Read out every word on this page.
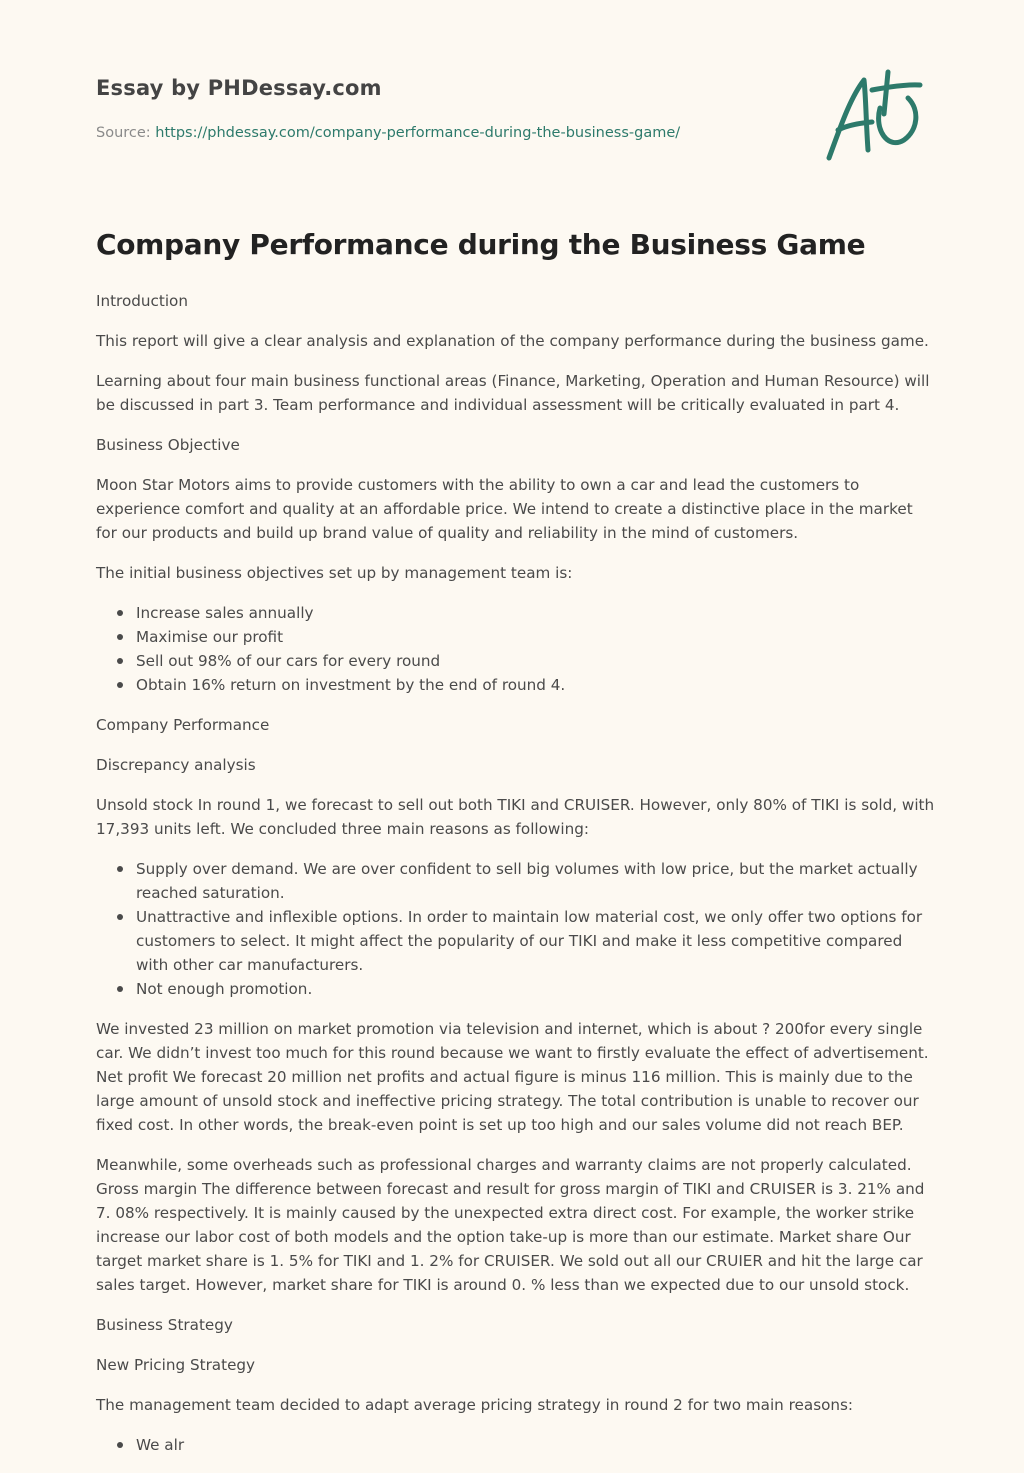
Essay by PHDessay.com
Source: https://phdessay.com/company-performance-during-the-business-game/
Company Performance during the Business Game

Introduction

This report will give a clear analysis and explanation of the company performance during the business game.

Learning about four main business functional areas (Finance, Marketing, Operation and Human Resource) will be discussed in part 3. Team performance and individual assessment will be critically evaluated in part 4.

Business Objective

Moon Star Motors aims to provide customers with the ability to own a car and lead the customers to experience comfort and quality at an affordable price. We intend to create a distinctive place in the market for our products and build up brand value of quality and reliability in the mind of customers.

The initial business objectives set up by management team is:

Increase sales annually
Maximise our profit
Sell out 98% of our cars for every round
Obtain 16% return on investment by the end of round 4.

Company Performance

Discrepancy analysis

Unsold stock In round 1, we forecast to sell out both TIKI and CRUISER. However, only 80% of TIKI is sold, with 17,393 units left. We concluded three main reasons as following:

Supply over demand. We are over confident to sell big volumes with low price, but the market actually reached saturation.
Unattractive and inflexible options. In order to maintain low material cost, we only offer two options for customers to select. It might affect the popularity of our TIKI and make it less competitive compared with other car manufacturers.
Not enough promotion.

We invested 23 million on market promotion via television and internet, which is about ? 200for every single car. We didn’t invest too much for this round because we want to firstly evaluate the effect of advertisement. Net profit We forecast 20 million net profits and actual figure is minus 116 million. This is mainly due to the large amount of unsold stock and ineffective pricing strategy. The total contribution is unable to recover our fixed cost. In other words, the break-even point is set up too high and our sales volume did not reach BEP.

Meanwhile, some overheads such as professional charges and warranty claims are not properly calculated. Gross margin The difference between forecast and result for gross margin of TIKI and CRUISER is 3. 21% and 7. 08% respectively. It is mainly caused by the unexpected extra direct cost. For example, the worker strike increase our labor cost of both models and the option take-up is more than our estimate. Market share Our target market share is 1. 5% for TIKI and 1. 2% for CRUISER. We sold out all our CRUIER and hit the large car sales target. However, market share for TIKI is around 0. % less than we expected due to our unsold stock.

Business Strategy

New Pricing Strategy

The management team decided to adapt average pricing strategy in round 2 for two main reasons:

We alr
